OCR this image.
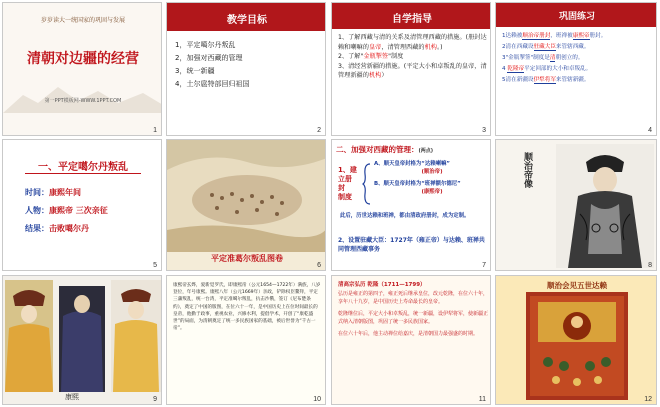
岁岁读大一统国家的巩固与发展
清朝对边疆的经营
第一PPT模板网-WWW.1PPT.COM
1
教学目标
1，平定噶尔丹叛乱
2，加强对西藏的管理
3，统一新疆
4，土尔扈特部回归祖国
2
自学指导
1、了解西藏与清的关系及清管理西藏的措施。(册封达赖和喇嘛的皇帝，清管理西藏的机构。)
2、了解"金瓶掣签"制度
3、清经营新疆的措施。(平定大小和卓叛乱的皇帝，清管理新疆的机构）
3
巩固练习
1达赖被顺治帝册封，班禅被康熙帝册封。
2清在西藏设驻藏大臣来管辖西藏。
3"金瓶掣签"制度是清朝创立的。
4 乾隆帝平定回部的大小和卓叛乱。
5清在新疆设伊犁将军来管辖新疆。
4
一、平定噶尔丹叛乱
时间：康熙年间
人物：康熙帝 三次亲征
结果：击败噶尔丹
5
平定准葛尔叛乱图卷
6
二、加强对西藏的管理：(两点)
1、建
立册
封
制度
A、顺天皇帝封格为“达赖喇嘛”
(顺治帝)
B、顺天皇帝封格为“班禅额尔德尼”
(康熙帝)
此后，历世达赖和班禅，都由清政府册封，成为定制。
2、设置驻藏大臣：1727年（雍正帝）与达赖、班禅共同管理西藏事务
7
顺治帝像
8
康熙	9
康熙帝玄烨，爱新觉罗氏，即康熙帝（公元1654—1722年）满族，八岁登位，年号康熙。康熙八年（公元1669年）亲政，铲除权臣鳌拜，平定三藩叛乱，统一台湾，平定准噶尔叛乱，抗击沙俄，签订《尼布楚条约》，奠定了中国的版图，在位六十一年，是中国历史上在位时间最长的皇帝，他勤于政事，重视农业，兴修水利，提倡学术，开创了“康乾盛世”的局面，为清朝奠定了统一多民族国家的基础，被后世誉为“千古一帝”。
10
清高宗弘历 乾隆（1711—1799）
弘历是雍正的第四子，雍正死后继承皇位，改元乾隆，在位六十年，享年八十九岁，是中国历史上寿命最长的皇帝。
乾隆继位后，平定大小和卓叛乱，统一新疆，设伊犁将军，使新疆正式纳入清朝版图，巩固了统一多民族国家。
在位六十年后，他主动禅位给嘉庆，是清朝国力最强盛的时期。
11
顺治会见五世达赖
12
